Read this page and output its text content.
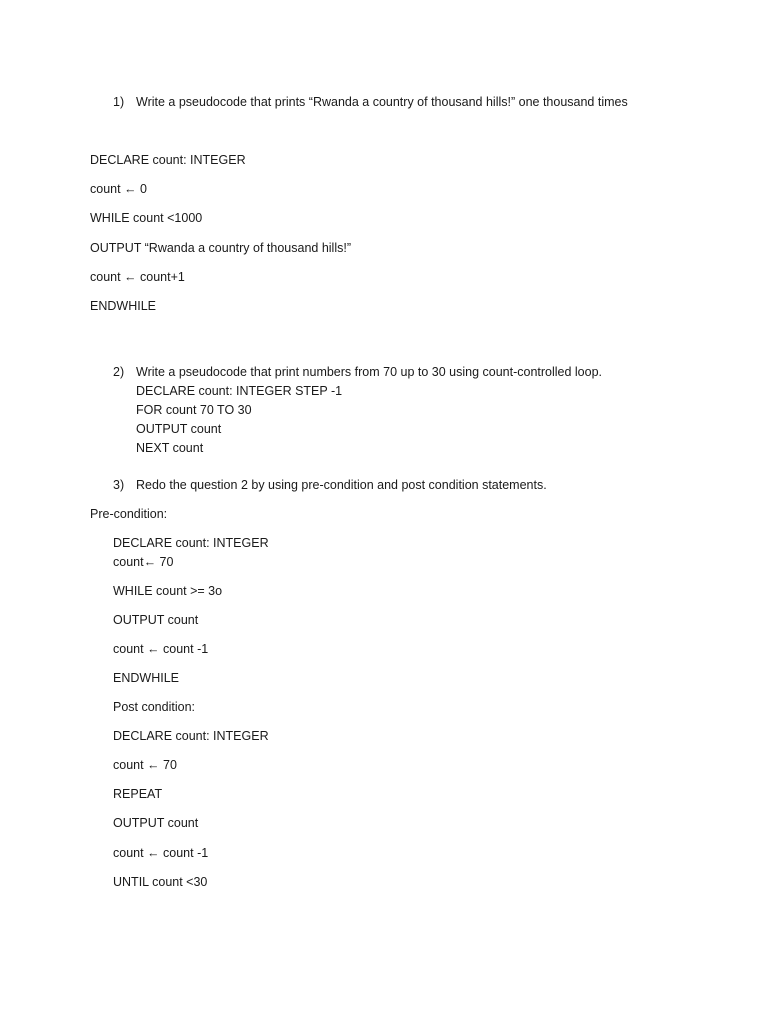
1) Write a pseudocode that prints “Rwanda a country of thousand hills!” one thousand times
DECLARE count: INTEGER
count ← 0
WHILE count <1000
OUTPUT “Rwanda a country of thousand hills!”
count ← count+1
ENDWHILE
2) Write a pseudocode that print numbers from 70 up to 30 using count-controlled loop.
DECLARE count: INTEGER STEP -1
FOR count 70 TO 30
OUTPUT count
NEXT count
3) Redo the question 2 by using pre-condition and post condition statements.
Pre-condition:
DECLARE count: INTEGER
count← 70
WHILE count >= 3o
OUTPUT count
count ← count -1
ENDWHILE
Post condition:
DECLARE count: INTEGER
count ← 70
REPEAT
OUTPUT count
count ← count -1
UNTIL count <30
